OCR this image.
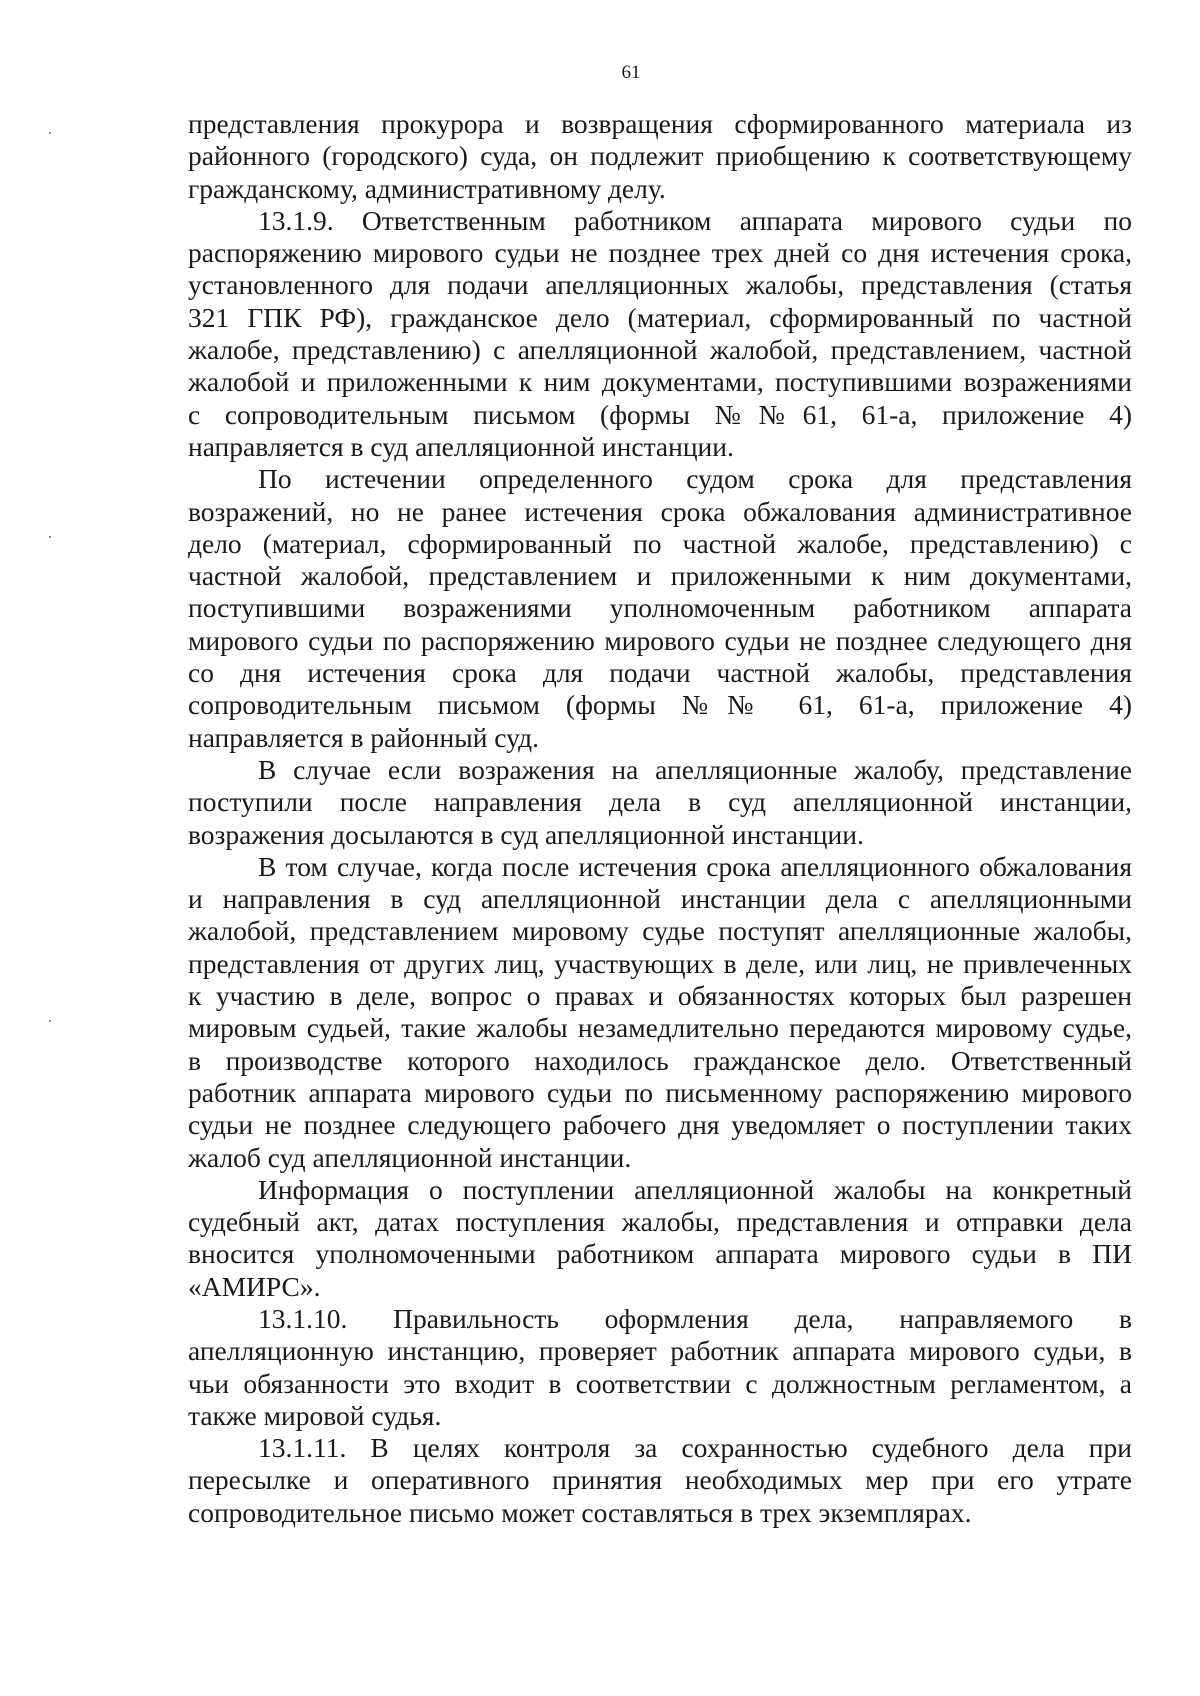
61
представления прокурора и возвращения сформированного материала из
районного (городского) суда, он подлежит приобщению к соответствующему
гражданскому, административному делу.
13.1.9. Ответственным работником аппарата мирового судьи по
распоряжению мирового судьи не позднее трех дней со дня истечения срока,
установленного для подачи апелляционных жалобы, представления (статья
321 ГПК РФ), гражданское дело (материал, сформированный по частной
жалобе, представлению) с апелляционной жалобой, представлением, частной
жалобой и приложенными к ним документами, поступившими возражениями
с сопроводительным письмом (формы №№61, 61-а, приложение 4)
направляется в суд апелляционной инстанции.
По истечении определенного судом срока для представления
возражений, но не ранее истечения срока обжалования административное
дело (материал, сформированный по частной жалобе, представлению) с
частной жалобой, представлением и приложенными к ним документами,
поступившими возражениями уполномоченным работником аппарата
мирового судьи по распоряжению мирового судьи не позднее следующего дня
со дня истечения срока для подачи частной жалобы, представления
сопроводительным письмом (формы №№ 61, 61-а, приложение 4)
направляется в районный суд.
В случае если возражения на апелляционные жалобу, представление
поступили после направления дела в суд апелляционной инстанции,
возражения досылаются в суд апелляционной инстанции.
В том случае, когда после истечения срока апелляционного обжалования
и направления в суд апелляционной инстанции дела с апелляционными
жалобой, представлением мировому судье поступят апелляционные жалобы,
представления от других лиц, участвующих в деле, или лиц, не привлеченных
к участию в деле, вопрос о правах и обязанностях которых был разрешен
мировым судьей, такие жалобы незамедлительно передаются мировому судье,
в производстве которого находилось гражданское дело. Ответственный
работник аппарата мирового судьи по письменному распоряжению мирового
судьи не позднее следующего рабочего дня уведомляет о поступлении таких
жалоб суд апелляционной инстанции.
Информация о поступлении апелляционной жалобы на конкретный
судебный акт, датах поступления жалобы, представления и отправки дела
вносится уполномоченными работником аппарата мирового судьи в ПИ
«АМИРС».
13.1.10. Правильность оформления дела, направляемого в
апелляционную инстанцию, проверяет работник аппарата мирового судьи, в
чьи обязанности это входит в соответствии с должностным регламентом, а
также мировой судья.
13.1.11. В целях контроля за сохранностью судебного дела при
пересылке и оперативного принятия необходимых мер при его утрате
сопроводительное письмо может составляться в трех экземплярах.
